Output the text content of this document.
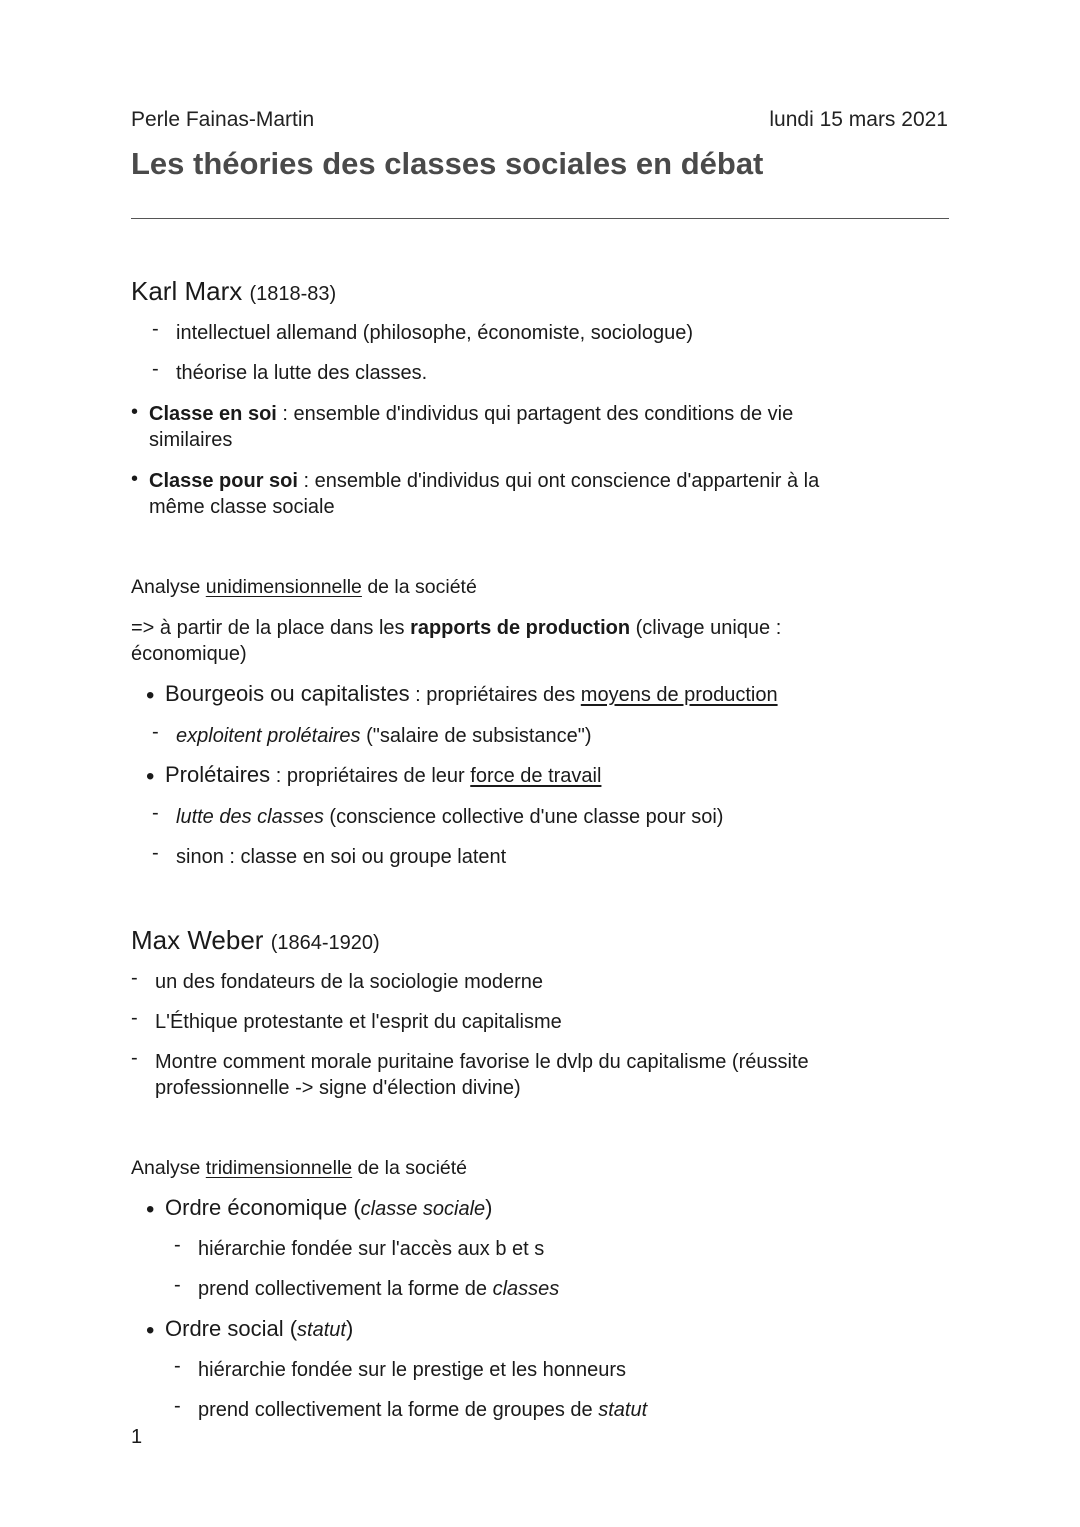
Perle Fainas-Martin	lundi 15 mars 2021
Les théories des classes sociales en débat
Karl Marx (1818-83)
- intellectuel allemand (philosophe, économiste, sociologue)
- théorise la lutte des classes.
• Classe en soi : ensemble d'individus qui partagent des conditions de vie
similaires
• Classe pour soi : ensemble d'individus qui ont conscience d'appartenir à la
même classe sociale
Analyse unidimensionnelle de la société
=> à partir de la place dans les rapports de production (clivage unique :
économique)
• Bourgeois ou capitalistes : propriétaires des moyens de production
- exploitent prolétaires ("salaire de subsistance")
• Prolétaires : propriétaires de leur force de travail
- lutte des classes (conscience collective d'une classe pour soi)
- sinon : classe en soi ou groupe latent
Max Weber (1864-1920)
- un des fondateurs de la sociologie moderne
- L'Éthique protestante et l'esprit du capitalisme
- Montre comment morale puritaine favorise le dvlp du capitalisme (réussite
professionnelle -> signe d'élection divine)
Analyse tridimensionnelle de la société
• Ordre économique (classe sociale)
- hiérarchie fondée sur l'accès aux b et s
- prend collectivement la forme de classes
• Ordre social (statut)
- hiérarchie fondée sur le prestige et les honneurs
- prend collectivement la forme de groupes de statut
1
